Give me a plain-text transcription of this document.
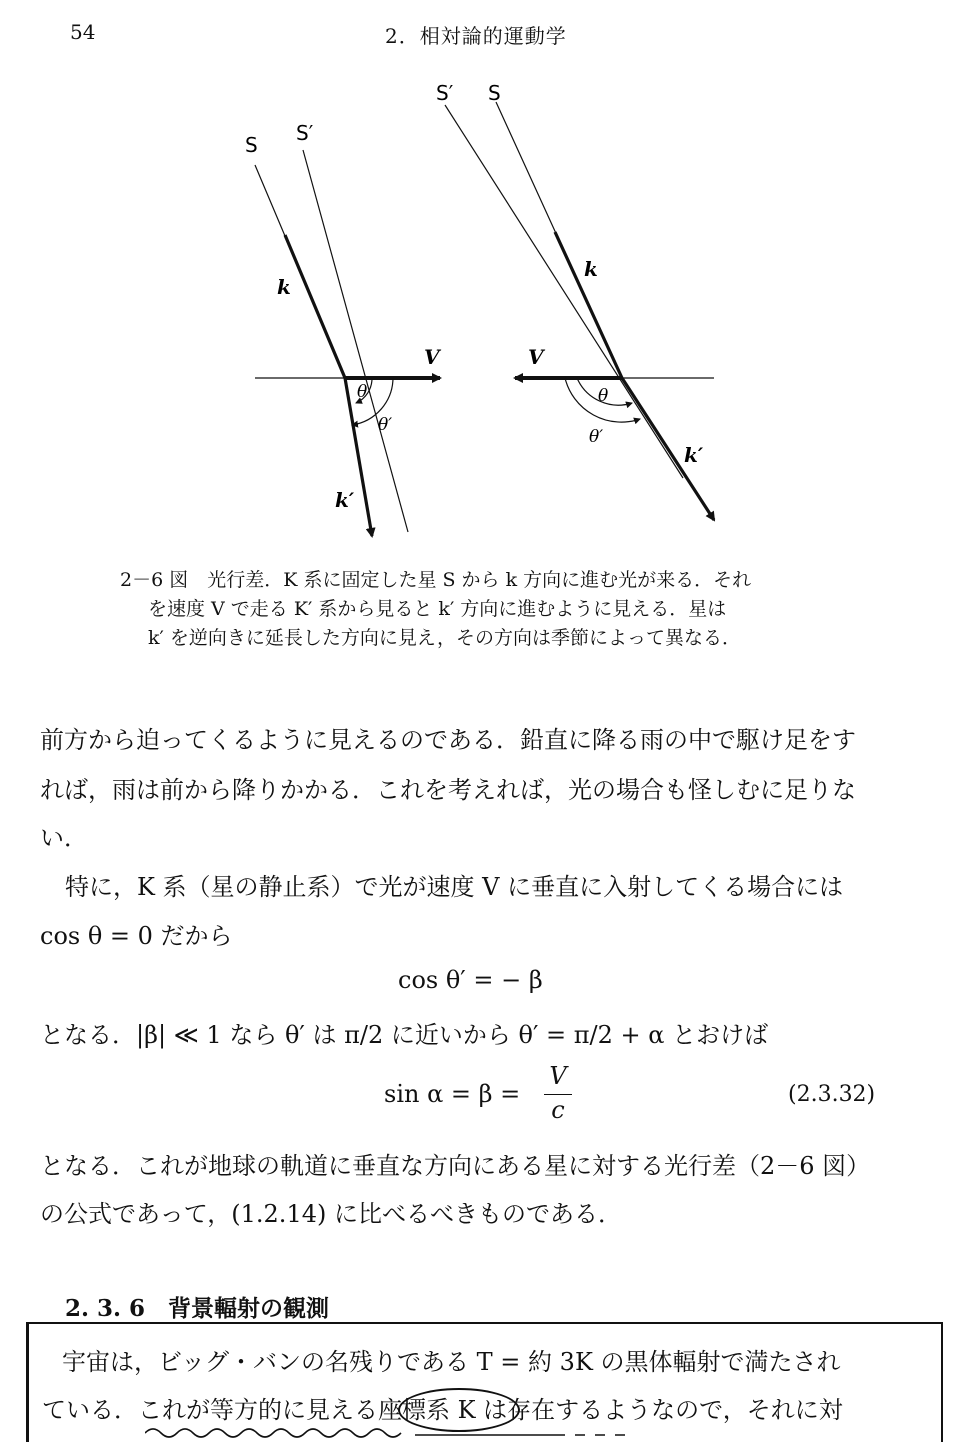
54	2．相対論的運動学
S S′
k
V
θ
θ′
k′
S′ S
k
V
θ
θ′
k′
2－6 図　光行差．K 系に固定した星 S から k 方向に進む光が来る．それ
を速度 V で走る K′ 系から見ると k′ 方向に進むように見える．星は
k′ を逆向きに延長した方向に見え，その方向は季節によって異なる．
前方から迫ってくるように見えるのである．鉛直に降る雨の中で駆け足をす
れば，雨は前から降りかかる．これを考えれば，光の場合も怪しむに足りな
い．
特に，K 系（星の静止系）で光が速度 V に垂直に入射してくる場合には
cos θ = 0 だから
cos θ′ = − β
となる．|β| ≪ 1 なら θ′ は π/2 に近いから θ′ = π/2 + α とおけば
sin α = β =
V
c
(2.3.32)
となる．これが地球の軌道に垂直な方向にある星に対する光行差（2－6 図）
の公式であって，(1.2.14) に比べるべきものである．
2. 3. 6　背景輻射の観測
宇宙は，ビッグ・バンの名残りである T = 約 3K の黒体輻射で満たされ
ている．これが等方的に見える座標系 K は存在するようなので，それに対
